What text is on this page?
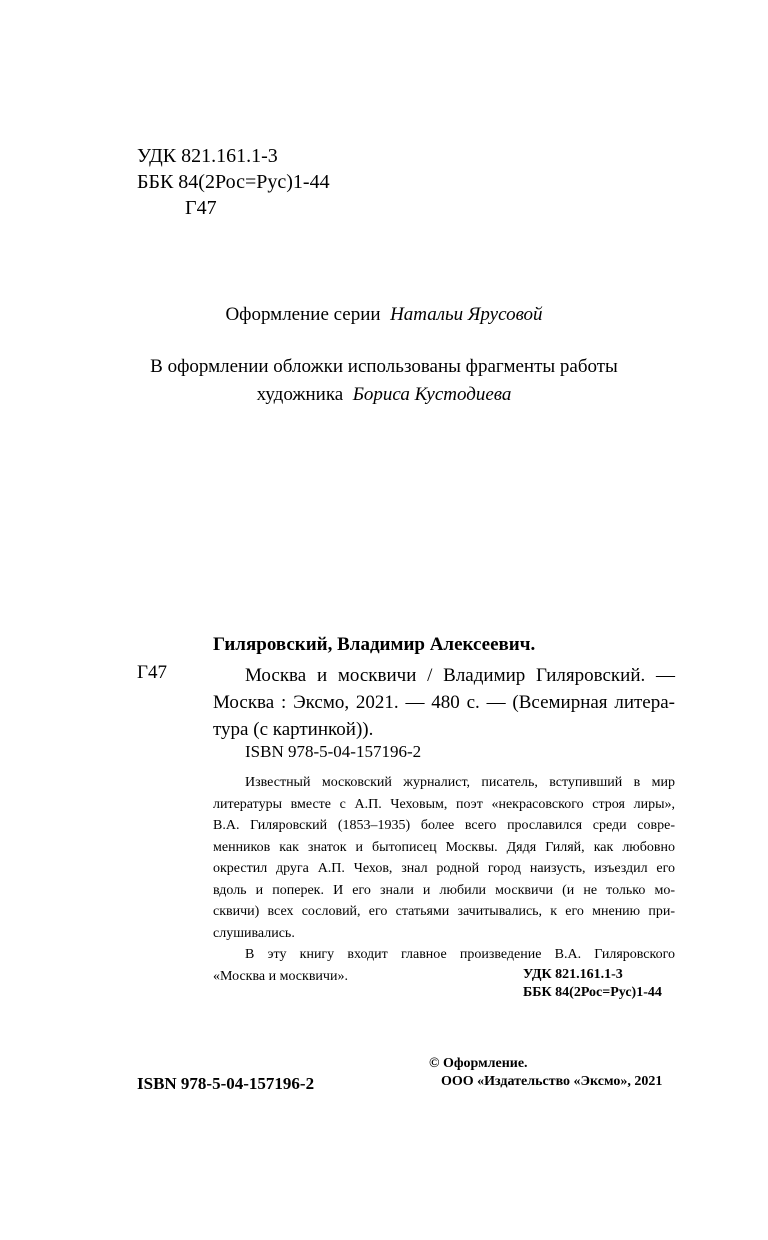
УДК 821.161.1-3
ББК 84(2Рос=Рус)1-44
Г47
Оформление серии Натальи Ярусовой
В оформлении обложки использованы фрагменты работы
художника Бориса Кустодиева
Гиляровский, Владимир Алексеевич.
Г47	Москва и москвичи / Владимир Гиляровский. —
Москва : Эксмо, 2021. — 480 с. — (Всемирная литера-
тура (с картинкой)).
ISBN 978-5-04-157196-2
Известный московский журналист, писатель, вступивший в мир
литературы вместе с А.П. Чеховым, поэт «некрасовского строя лиры»,
В.А. Гиляровский (1853–1935) более всего прославился среди совре-
менников как знаток и бытописец Москвы. Дядя Гиляй, как любовно
окрестил друга А.П. Чехов, знал родной город наизусть, изъездил его
вдоль и поперек. И его знали и любили москвичи (и не только мо-
сквичи) всех сословий, его статьями зачитывались, к его мнению при-
слушивались.
В эту книгу входит главное произведение В.А. Гиляровского
«Москва и москвичи».	УДК 821.161.1-3
ББК 84(2Рос=Рус)1-44
© Оформление.
ISBN 978-5-04-157196-2	ООО «Издательство «Эксмо», 2021
